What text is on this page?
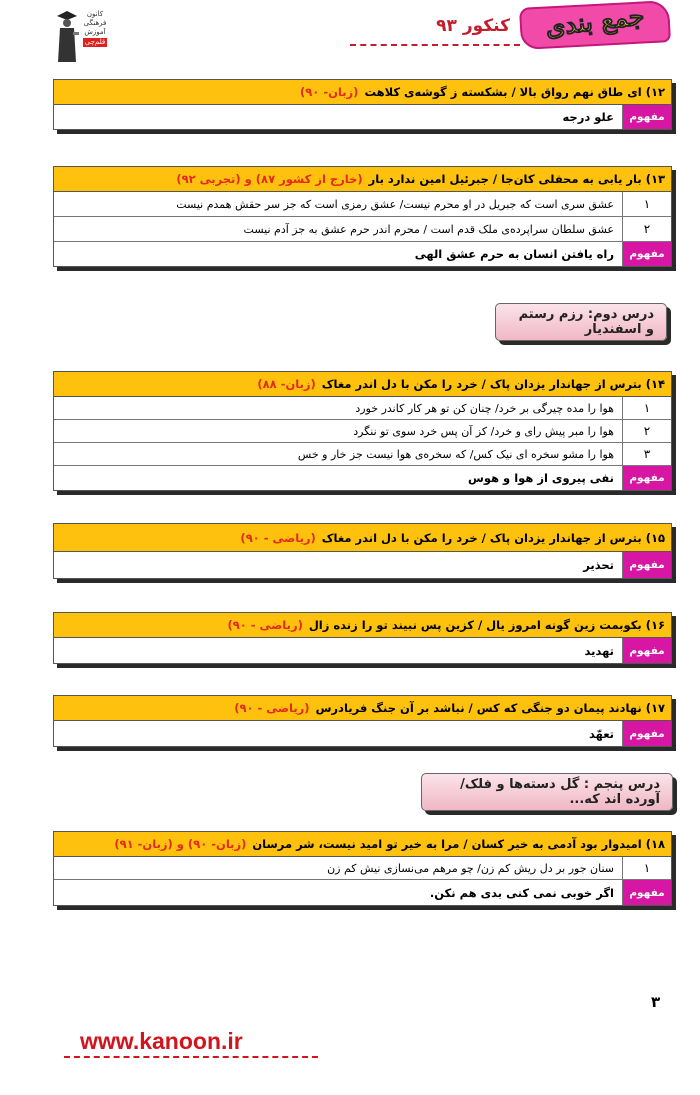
کانون
فرهنگی
آموزش
قلم‌چی
جمع بندی
کنکور ۹۳
۱۲) ای طاق نهم رواق بالا / بشکسته ز گوشه‌ی کلاهت
(زبان- ۹۰)
مفهوم
علو درجه
۱۳) بار یابی به محفلی کان‌جا / جبرئیل امین ندارد بار
(خارج از کشور ۸۷) و (تجربی ۹۲)
۱
عشق سری است که جبریل در او محرم نیست/ عشق رمزی است که جز سر حقش همدم نیست
۲
عشق سلطان سراپرده‌ی ملک قدم است / محرم اندر حرم عشق به جز آدم نیست
مفهوم
راه یافتن انسان به حرم عشق الهی
درس دوم: رزم رستم و اسفندیار
۱۴) بترس از جهاندار یزدان پاک / خرد را مکن با دل اندر مغاک
(زبان- ۸۸)
۱
هوا را مده چیرگی بر خرد/ چنان کن تو هر کار کاندر خورد
۲
هوا را مبر پیش رای و خرد/ کز آن پس خرد سوی تو ننگرد
۳
هوا را مشو سخره ای نیک کس/ که سخره‌ی هوا نیست جز خار و خس
مفهوم
نفی پیروی از هوا و هوس
۱۵) بترس از جهاندار یزدان پاک / خرد را مکن با دل اندر مغاک
(ریاضی - ۹۰)
مفهوم
تحذیر
۱۶) بکوبمت زین گونه امروز یال / کزین پس نبیند تو را زنده زال
(ریاضی - ۹۰)
مفهوم
تهدید
۱۷) نهادند پیمان دو جنگی که کس / نباشد بر آن جنگ فریادرس
(ریاضی - ۹۰)
مفهوم
تعهّد
درس پنجم : گل دسته‌ها و فلک/ آورده اند که...
۱۸) امیدوار بود آدمی به خیر کسان / مرا به خیر تو امید نیست، شر مرسان
(زبان- ۹۰) و (زبان- ۹۱)
۱
سنان جور بر دل ریش کم زن/ چو مرهم می‌نسازی نیش کم زن
مفهوم
اگر خوبی نمی کنی بدی هم نکن.
۳
www.kanoon.ir
